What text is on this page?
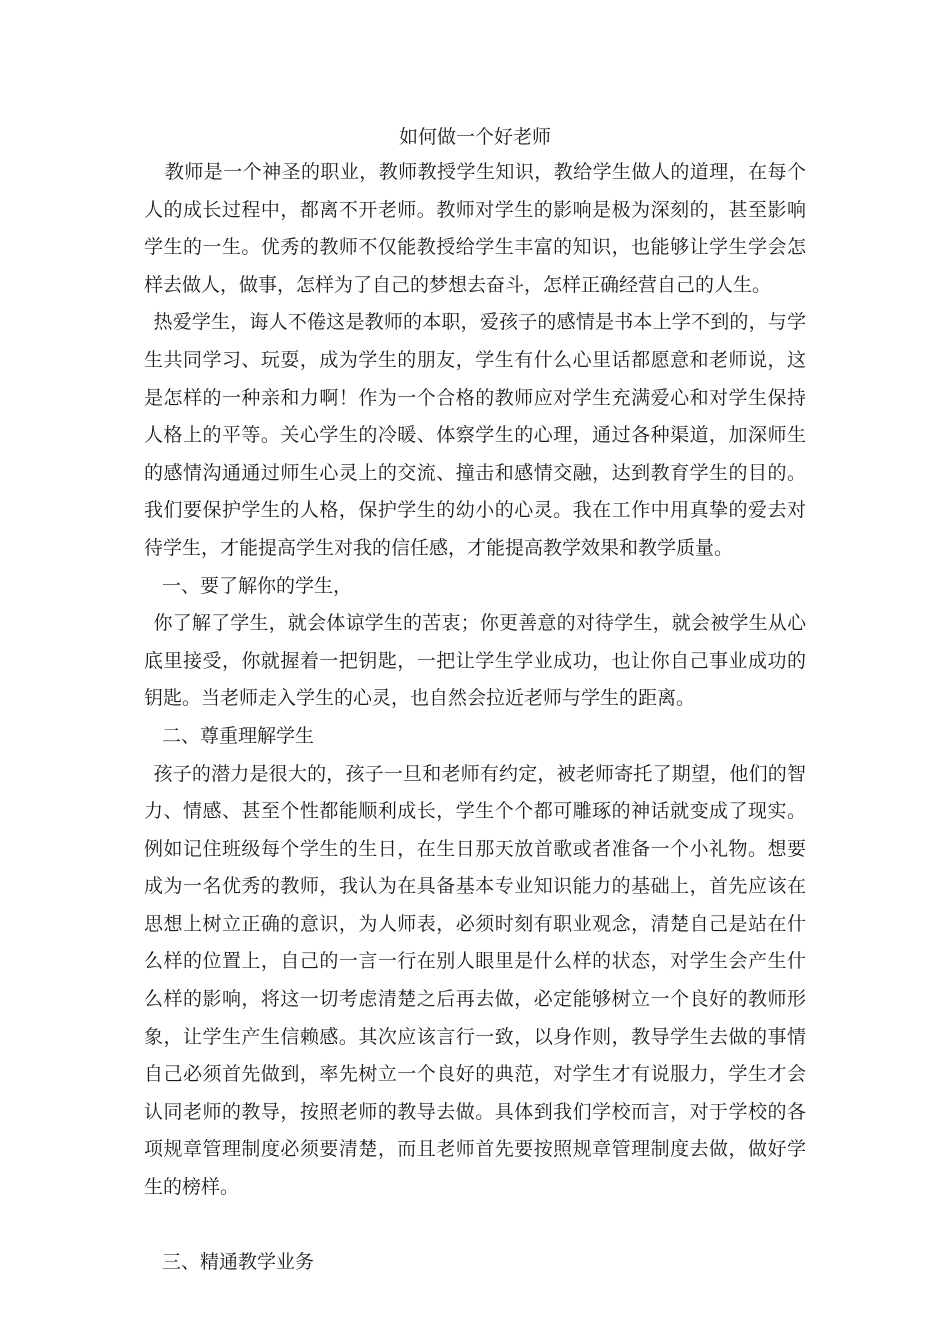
如何做一个好老师

教师是一个神圣的职业，教师教授学生知识，教给学生做人的道理，在每个人的成长过程中，都离不开老师。教师对学生的影响是极为深刻的，甚至影响学生的一生。优秀的教师不仅能教授给学生丰富的知识，也能够让学生学会怎样去做人，做事，怎样为了自己的梦想去奋斗，怎样正确经营自己的人生。

热爱学生，诲人不倦这是教师的本职，爱孩子的感情是书本上学不到的，与学生共同学习、玩耍，成为学生的朋友，学生有什么心里话都愿意和老师说，这是怎样的一种亲和力啊！作为一个合格的教师应对学生充满爱心和对学生保持人格上的平等。关心学生的冷暖、体察学生的心理，通过各种渠道，加深师生的感情沟通通过师生心灵上的交流、撞击和感情交融，达到教育学生的目的。我们要保护学生的人格，保护学生的幼小的心灵。我在工作中用真挚的爱去对待学生，才能提高学生对我的信任感，才能提高教学效果和教学质量。

一、要了解你的学生，

你了解了学生，就会体谅学生的苦衷；你更善意的对待学生，就会被学生从心底里接受，你就握着一把钥匙，一把让学生学业成功，也让你自己事业成功的钥匙。当老师走入学生的心灵，也自然会拉近老师与学生的距离。

二、尊重理解学生

孩子的潜力是很大的，孩子一旦和老师有约定，被老师寄托了期望，他们的智力、情感、甚至个性都能顺利成长，学生个个都可雕琢的神话就变成了现实。例如记住班级每个学生的生日，在生日那天放首歌或者准备一个小礼物。想要成为一名优秀的教师，我认为在具备基本专业知识能力的基础上，首先应该在思想上树立正确的意识，为人师表，必须时刻有职业观念，清楚自己是站在什么样的位置上，自己的一言一行在别人眼里是什么样的状态，对学生会产生什么样的影响，将这一切考虑清楚之后再去做，必定能够树立一个良好的教师形象，让学生产生信赖感。其次应该言行一致，以身作则，教导学生去做的事情自己必须首先做到，率先树立一个良好的典范，对学生才有说服力，学生才会认同老师的教导，按照老师的教导去做。具体到我们学校而言，对于学校的各项规章管理制度必须要清楚，而且老师首先要按照规章管理制度去做，做好学生的榜样。

三、精通教学业务
